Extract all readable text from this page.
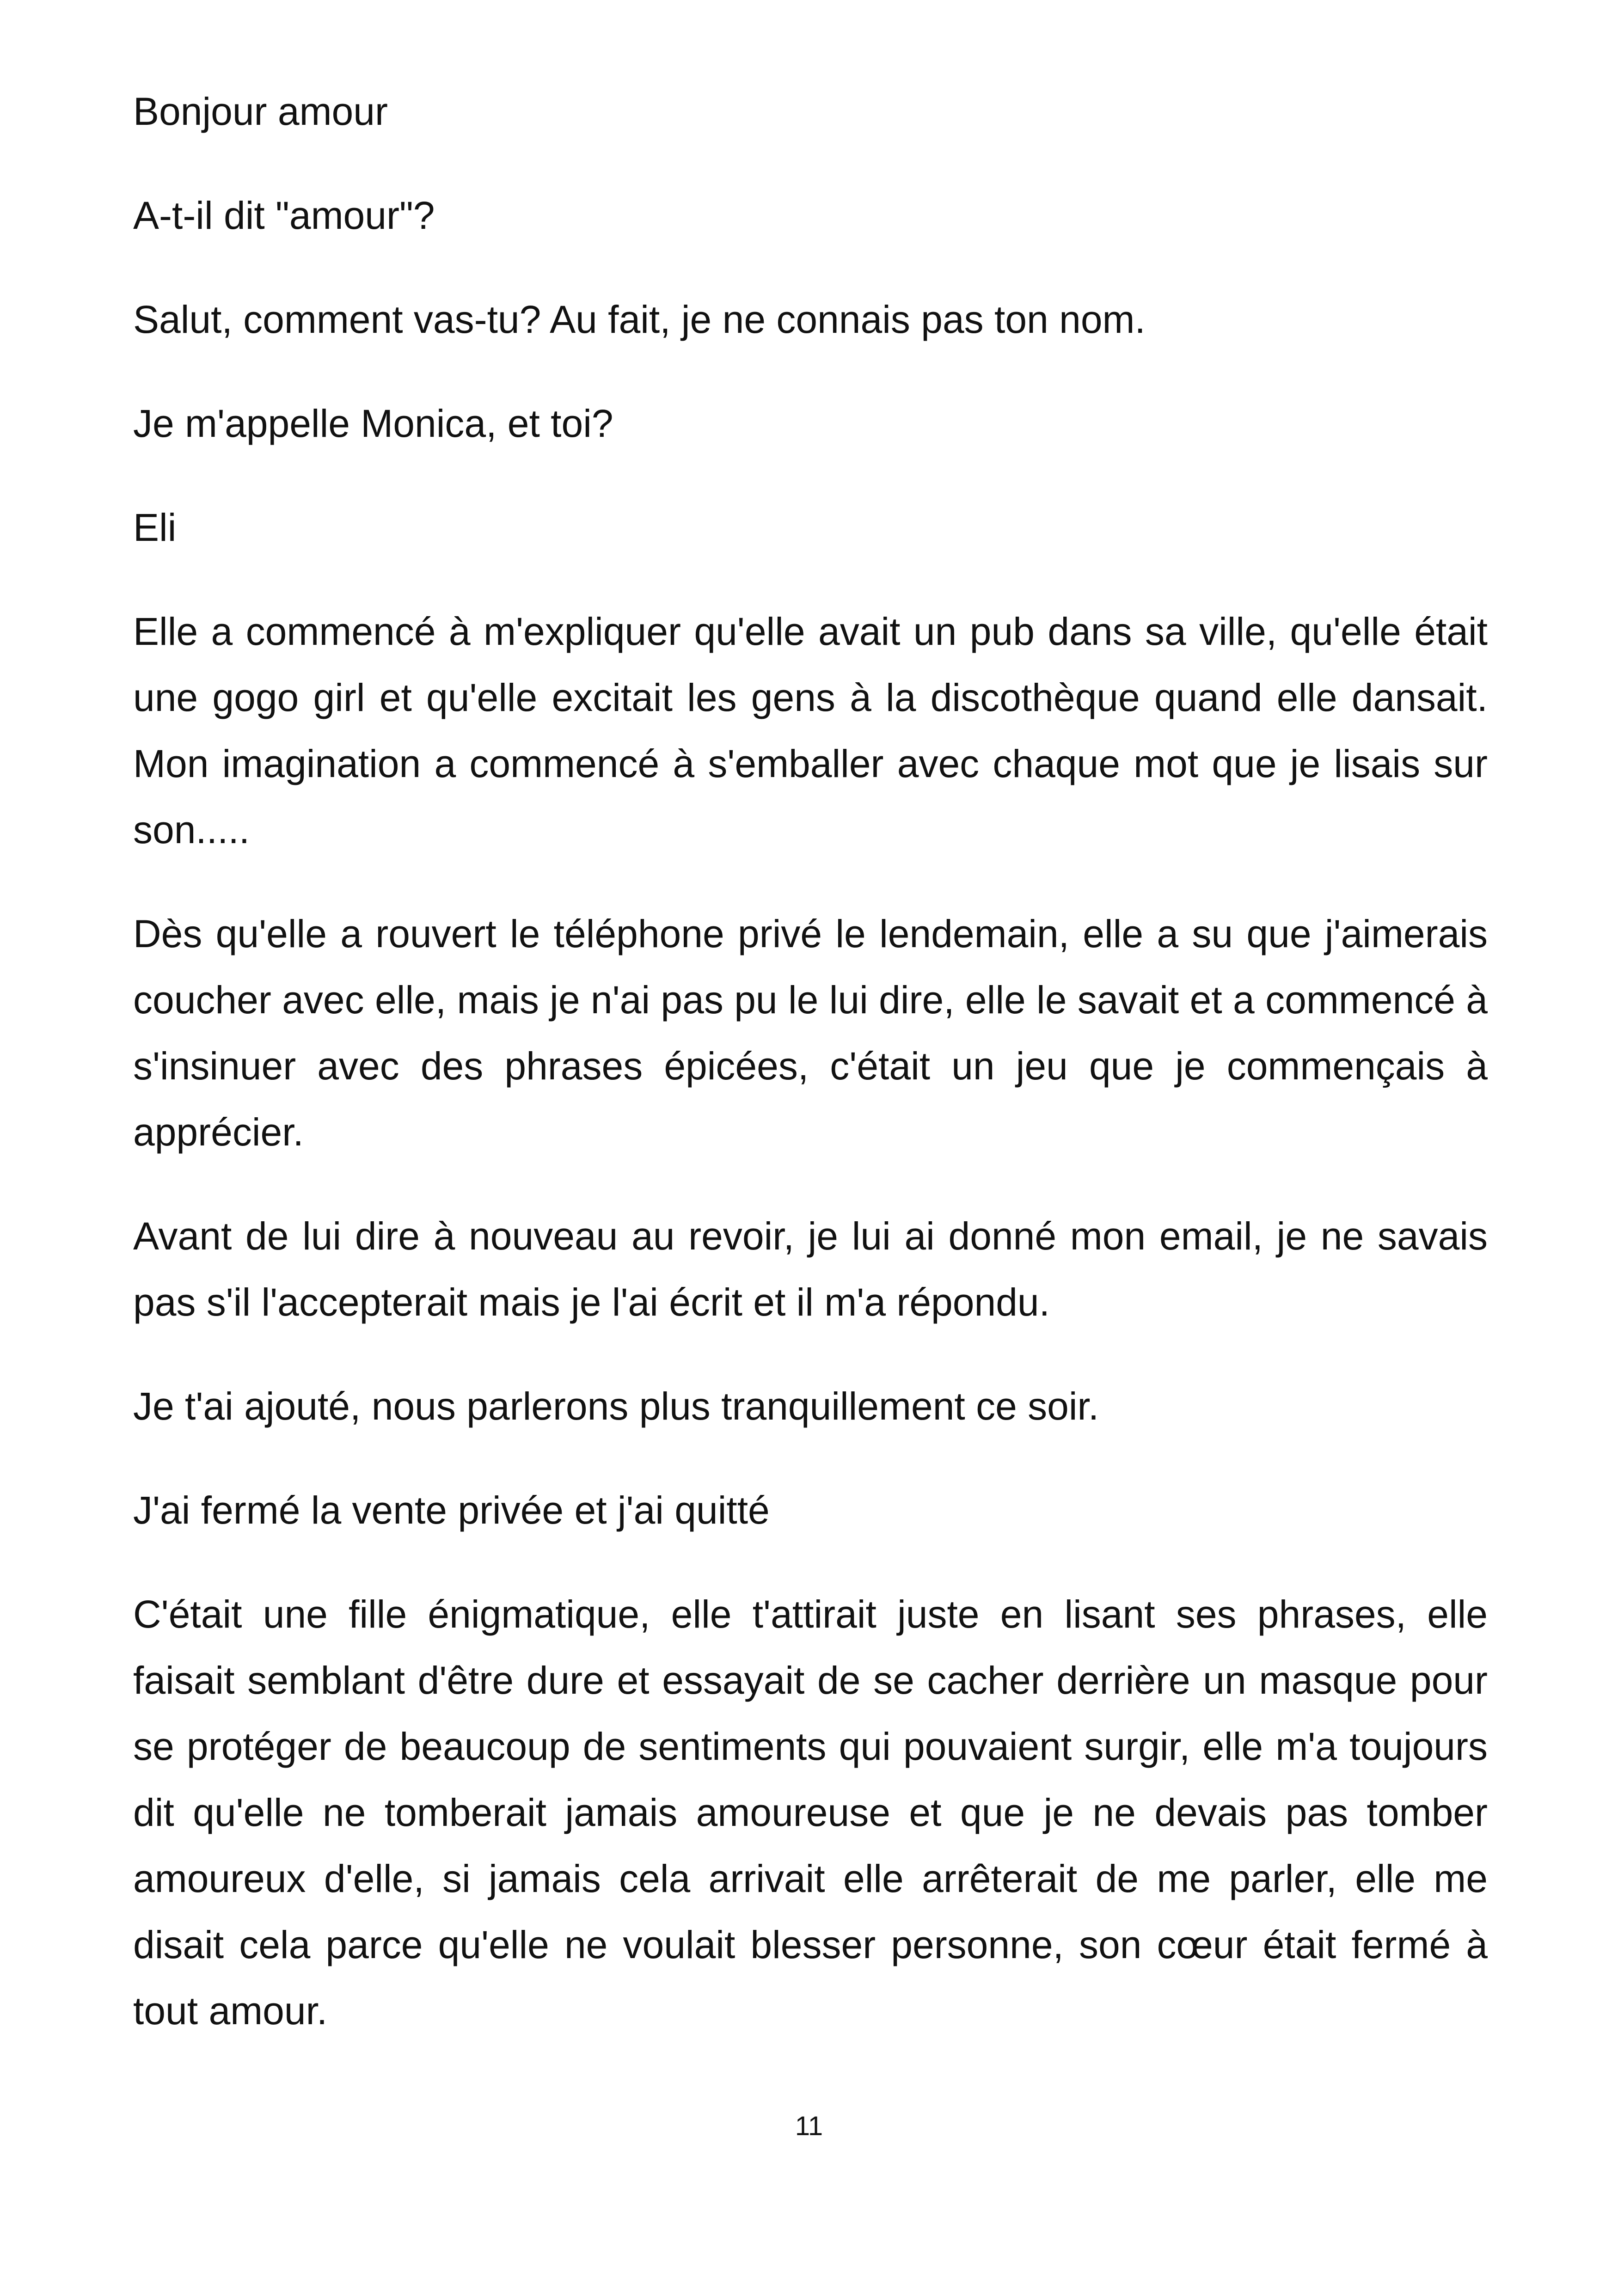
Bonjour amour

A-t-il dit "amour"?

Salut, comment vas-tu? Au fait, je ne connais pas ton nom.

Je m'appelle Monica, et toi?

Eli

Elle a commencé à m'expliquer qu'elle avait un pub dans sa ville, qu'elle était une gogo girl et qu'elle excitait les gens à la discothèque quand elle dansait. Mon imagination a commencé à s'emballer avec chaque mot que je lisais sur son.....

Dès qu'elle a rouvert le téléphone privé le lendemain, elle a su que j'aimerais coucher avec elle, mais je n'ai pas pu le lui dire, elle le savait et a commencé à s'insinuer avec des phrases épicées, c'était un jeu que je commençais à apprécier.

Avant de lui dire à nouveau au revoir, je lui ai donné mon email, je ne savais pas s'il l'accepterait mais je l'ai écrit et il m'a répondu.

Je t'ai ajouté, nous parlerons plus tranquillement ce soir.

J'ai fermé la vente privée et j'ai quitté

C'était une fille énigmatique, elle t'attirait juste en lisant ses phrases, elle faisait semblant d'être dure et essayait de se cacher derrière un masque pour se protéger de beaucoup de sentiments qui pouvaient surgir, elle m'a toujours dit qu'elle ne tomberait jamais amoureuse et que je ne devais pas tomber amoureux d'elle, si jamais cela arrivait elle arrêterait de me parler, elle me disait cela parce qu'elle ne voulait blesser personne, son cœur était fermé à tout amour.

11
